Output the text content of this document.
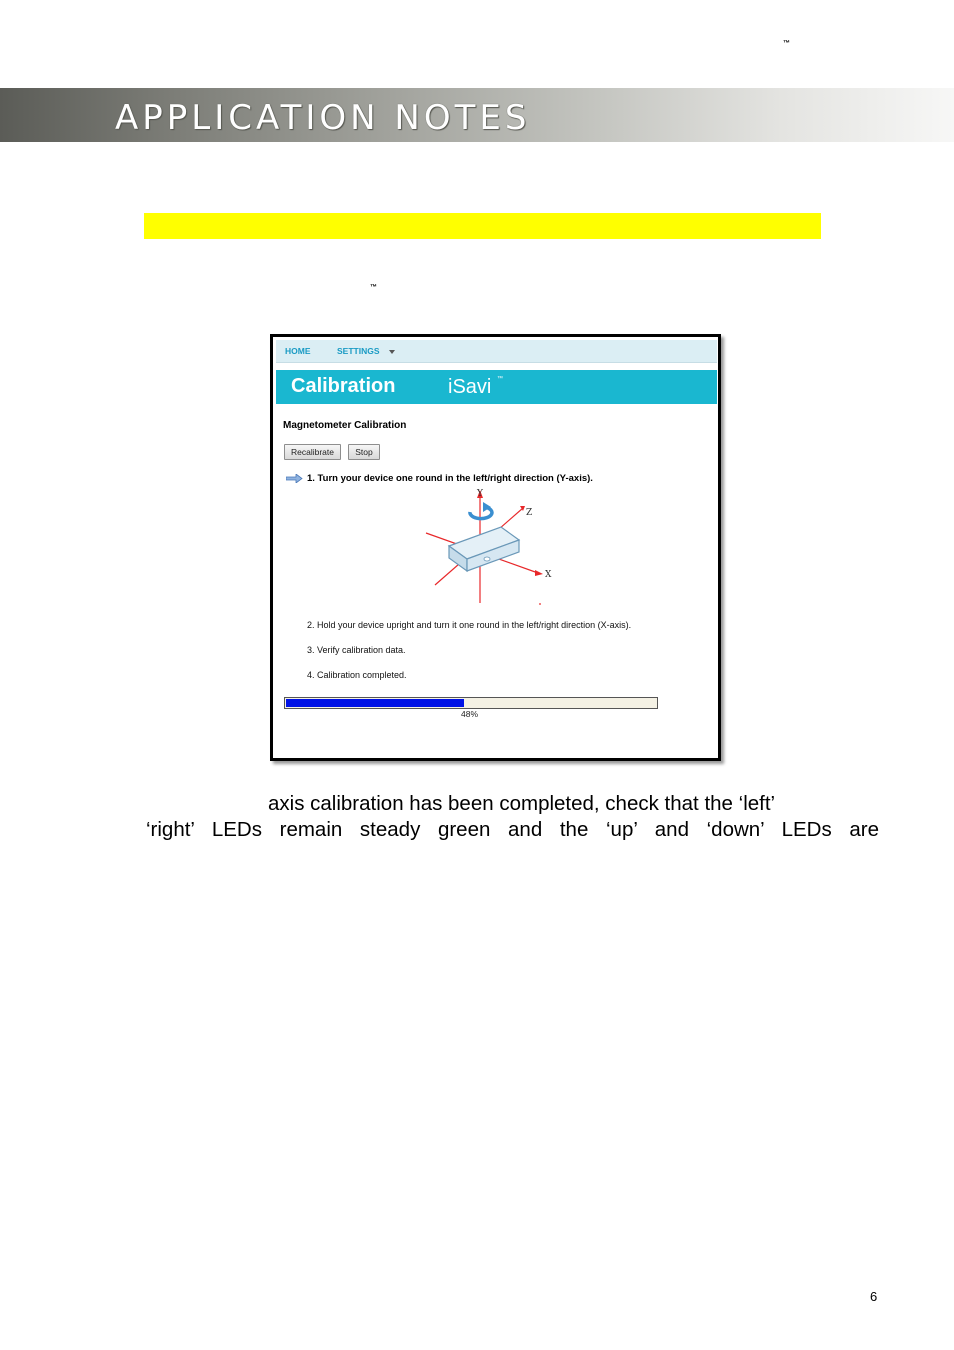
™
APPLICATION NOTES
™
HOME	SETTINGS
Calibration	iSavi ™
Magnetometer Calibration
Recalibrate	Stop
1. Turn your device one round in the left/right direction (Y-axis).
Y
Z
X
2. Hold your device upright and turn it one round in the left/right direction (X-axis).
3. Verify calibration data.
4. Calibration completed.
48%
axis calibration has been completed, check that the ‘left’
‘right’ LEDs remain steady green and the ‘up’ and ‘down’ LEDs are
6
